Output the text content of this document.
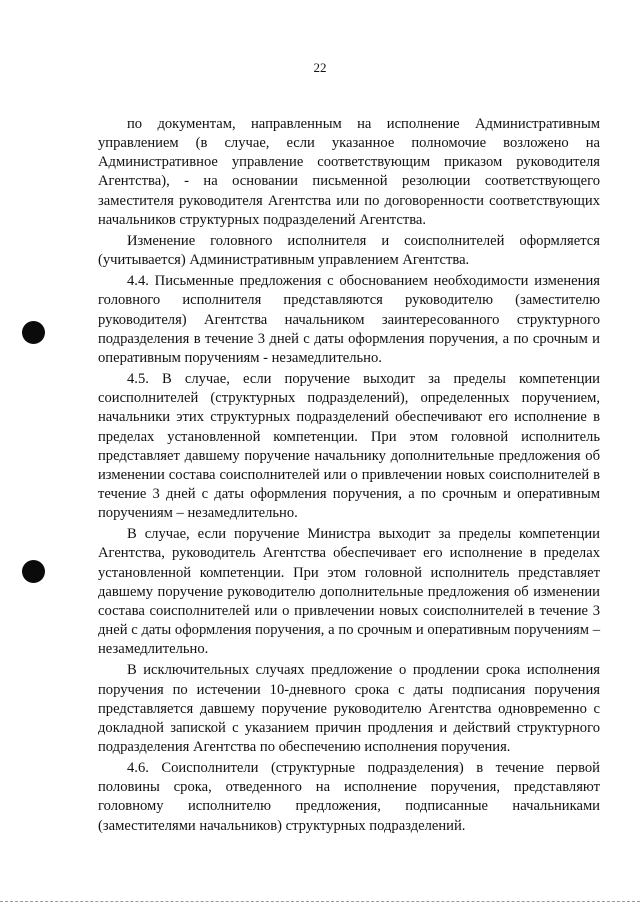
22

по документам, направленным на исполнение Административным управлением (в случае, если указанное полномочие возложено на Административное управление соответствующим приказом руководителя Агентства), - на основании письменной резолюции соответствующего заместителя руководителя Агентства или по договоренности соответствующих начальников структурных подразделений Агентства.

Изменение головного исполнителя и соисполнителей оформляется (учитывается) Административным управлением Агентства.

4.4. Письменные предложения с обоснованием необходимости изменения головного исполнителя представляются руководителю (заместителю руководителя) Агентства начальником заинтересованного структурного подразделения в течение 3 дней с даты оформления поручения, а по срочным и оперативным поручениям - незамедлительно.

4.5. В случае, если поручение выходит за пределы компетенции соисполнителей (структурных подразделений), определенных поручением, начальники этих структурных подразделений обеспечивают его исполнение в пределах установленной компетенции. При этом головной исполнитель представляет давшему поручение начальнику дополнительные предложения об изменении состава соисполнителей или о привлечении новых соисполнителей в течение 3 дней с даты оформления поручения, а по срочным и оперативным поручениям – незамедлительно.

В случае, если поручение Министра выходит за пределы компетенции Агентства, руководитель Агентства обеспечивает его исполнение в пределах установленной компетенции. При этом головной исполнитель представляет давшему поручение руководителю дополнительные предложения об изменении состава соисполнителей или о привлечении новых соисполнителей в течение 3 дней с даты оформления поручения, а по срочным и оперативным поручениям – незамедлительно.

В исключительных случаях предложение о продлении срока исполнения поручения по истечении 10-дневного срока с даты подписания поручения представляется давшему поручение руководителю Агентства одновременно с докладной запиской с указанием причин продления и действий структурного подразделения Агентства по обеспечению исполнения поручения.

4.6. Соисполнители (структурные подразделения) в течение первой половины срока, отведенного на исполнение поручения, представляют головному исполнителю предложения, подписанные начальниками (заместителями начальников) структурных подразделений.
